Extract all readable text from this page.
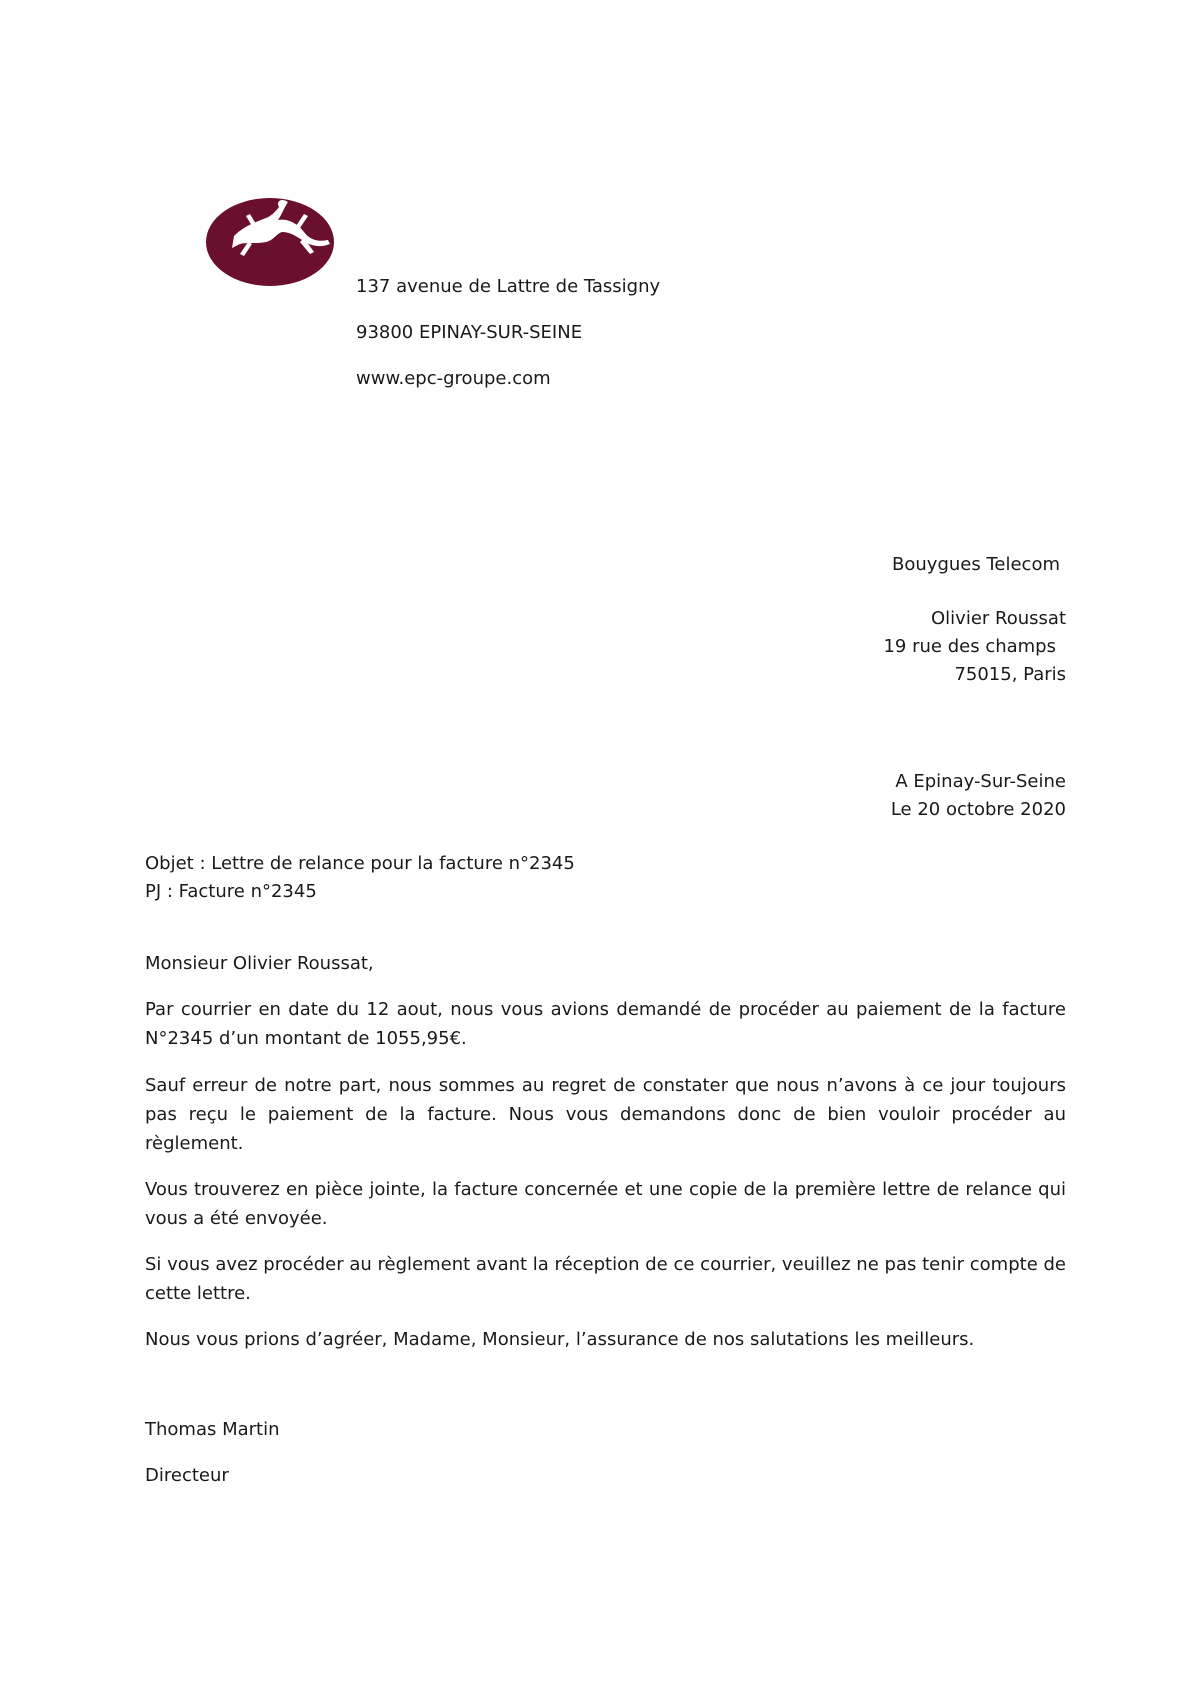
137 avenue de Lattre de Tassigny
93800 EPINAY-SUR-SEINE
www.epc-groupe.com
Bouygues Telecom
Olivier Roussat
19 rue des champs
75015, Paris
A Epinay-Sur-Seine
Le 20 octobre 2020
Objet : Lettre de relance pour la facture n°2345
PJ : Facture n°2345
Monsieur Olivier Roussat,
Par courrier en date du 12 aout, nous vous avions demandé de procéder au paiement de la facture N°2345 d’un montant de 1055,95€.
Sauf erreur de notre part, nous sommes au regret de constater que nous n’avons à ce jour toujours pas reçu le paiement de la facture. Nous vous demandons donc de bien vouloir procéder au règlement.
Vous trouverez en pièce jointe, la facture concernée et une copie de la première lettre de relance qui vous a été envoyée.
Si vous avez procéder au règlement avant la réception de ce courrier, veuillez ne pas tenir compte de cette lettre.
Nous vous prions d’agréer, Madame, Monsieur, l’assurance de nos salutations les meilleurs.
Thomas Martin
Directeur
